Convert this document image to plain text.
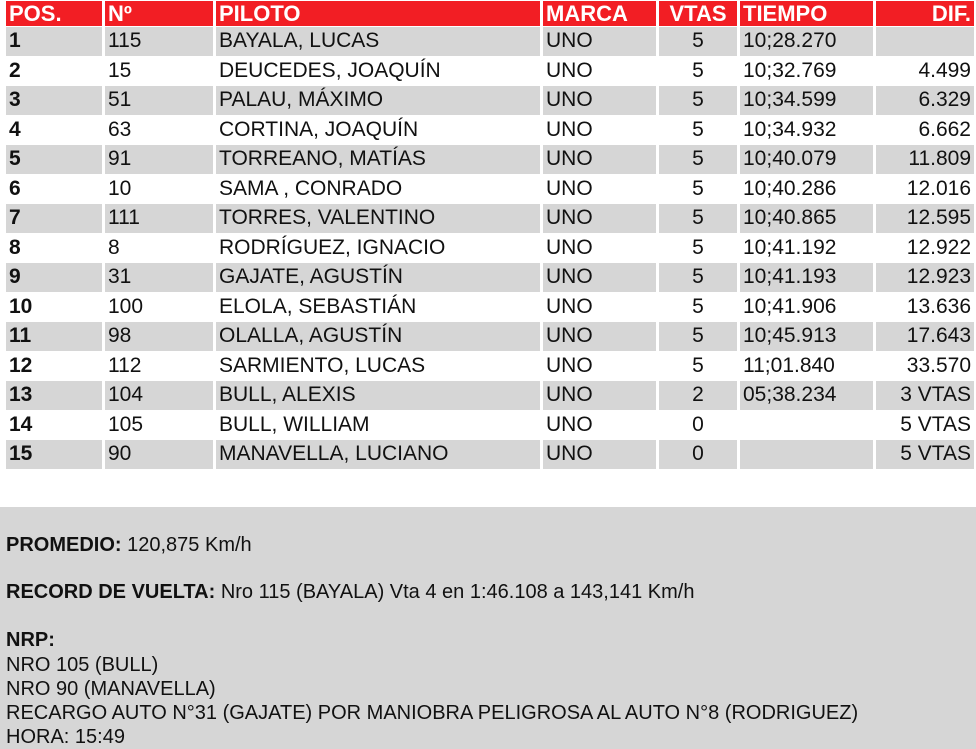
POS.	Nº	PILOTO	MARCA	VTAS	TIEMPO	DIF.
1	115	BAYALA, LUCAS	UNO	5	10;28.270	
2	15	DEUCEDES, JOAQUÍN	UNO	5	10;32.769	4.499
3	51	PALAU, MÁXIMO	UNO	5	10;34.599	6.329
4	63	CORTINA, JOAQUÍN	UNO	5	10;34.932	6.662
5	91	TORREANO, MATÍAS	UNO	5	10;40.079	11.809
6	10	SAMA , CONRADO	UNO	5	10;40.286	12.016
7	111	TORRES, VALENTINO	UNO	5	10;40.865	12.595
8	8	RODRÍGUEZ, IGNACIO	UNO	5	10;41.192	12.922
9	31	GAJATE, AGUSTÍN	UNO	5	10;41.193	12.923
10	100	ELOLA, SEBASTIÁN	UNO	5	10;41.906	13.636
11	98	OLALLA, AGUSTÍN	UNO	5	10;45.913	17.643
12	112	SARMIENTO, LUCAS	UNO	5	11;01.840	33.570
13	104	BULL, ALEXIS	UNO	2	05;38.234	3 VTAS
14	105	BULL, WILLIAM	UNO	0		5 VTAS
15	90	MANAVELLA, LUCIANO	UNO	0		5 VTAS
PROMEDIO: 120,875 Km/h
RECORD DE VUELTA: Nro 115 (BAYALA) Vta 4 en 1:46.108 a 143,141 Km/h
NRP:
NRO 105 (BULL)
NRO 90 (MANAVELLA)
RECARGO AUTO N°31 (GAJATE) POR MANIOBRA PELIGROSA AL AUTO N°8 (RODRIGUEZ)
HORA: 15:49
